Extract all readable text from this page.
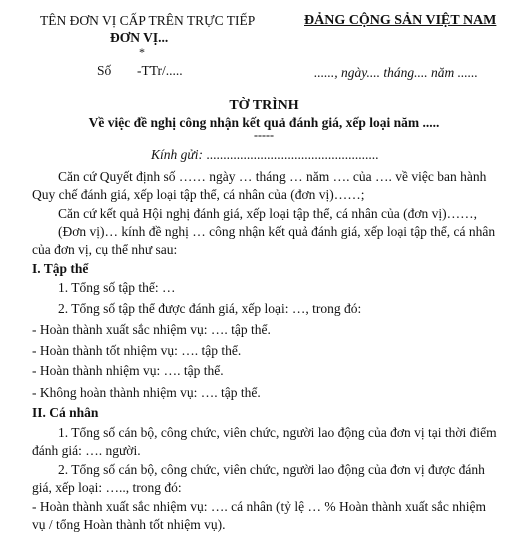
TÊN ĐƠN VỊ CẤP TRÊN TRỰC TIẾP
ĐƠN VỊ...
*
Số -TTr/.....
ĐẢNG CỘNG SẢN VIỆT NAM
......, ngày.... tháng.... năm ......
TỜ TRÌNH
Về việc đề nghị công nhận kết quả đánh giá, xếp loại năm .....
-----
Kính gửi: ...................................................
Căn cứ Quyết định số …… ngày … tháng … năm …. của …. về việc ban hành Quy chế đánh giá, xếp loại tập thể, cá nhân của (đơn vị)……;
Căn cứ kết quả Hội nghị đánh giá, xếp loại tập thể, cá nhân của (đơn vị)……,
(Đơn vị)… kính đề nghị … công nhận kết quả đánh giá, xếp loại tập thể, cá nhân của đơn vị, cụ thể như sau:
I. Tập thể
1. Tổng số tập thể: …
2. Tổng số tập thể được đánh giá, xếp loại: …, trong đó:
- Hoàn thành xuất sắc nhiệm vụ: …. tập thể.
- Hoàn thành tốt nhiệm vụ: …. tập thể.
- Hoàn thành nhiệm vụ: …. tập thể.
- Không hoàn thành nhiệm vụ: …. tập thể.
II. Cá nhân
1. Tổng số cán bộ, công chức, viên chức, người lao động của đơn vị tại thời điểm đánh giá: …. người.
2. Tổng số cán bộ, công chức, viên chức, người lao động của đơn vị được đánh giá, xếp loại: ….., trong đó:
- Hoàn thành xuất sắc nhiệm vụ: …. cá nhân (tỷ lệ … % Hoàn thành xuất sắc nhiệm vụ / tổng Hoàn thành tốt nhiệm vụ).
